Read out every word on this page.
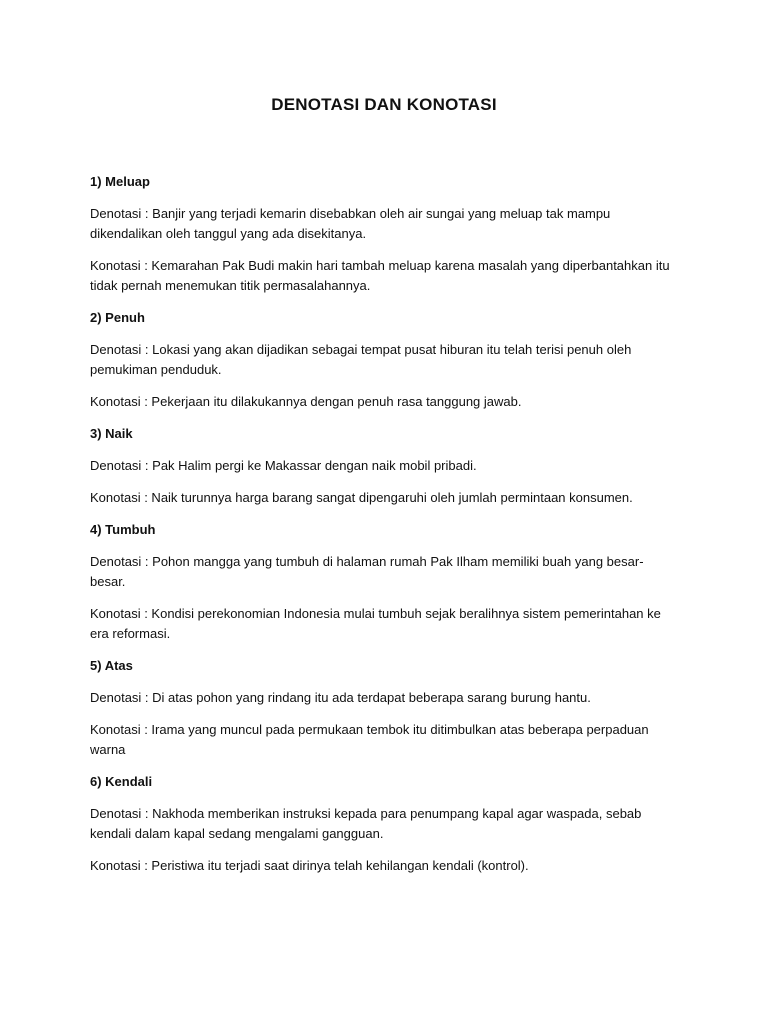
DENOTASI DAN KONOTASI
1) Meluap
Denotasi : Banjir yang terjadi kemarin disebabkan oleh air sungai yang meluap tak mampu dikendalikan oleh tanggul yang ada disekitanya.
Konotasi : Kemarahan Pak Budi makin hari tambah meluap karena masalah yang diperbantahkan itu tidak pernah menemukan titik permasalahannya.
2) Penuh
Denotasi : Lokasi yang akan dijadikan sebagai tempat pusat hiburan itu telah terisi penuh oleh pemukiman penduduk.
Konotasi : Pekerjaan itu dilakukannya dengan penuh rasa tanggung jawab.
3) Naik
Denotasi : Pak Halim pergi ke Makassar dengan naik mobil pribadi.
Konotasi : Naik turunnya harga barang sangat dipengaruhi oleh jumlah permintaan konsumen.
4) Tumbuh
Denotasi : Pohon mangga yang tumbuh di halaman rumah Pak Ilham memiliki buah yang besar-besar.
Konotasi : Kondisi perekonomian Indonesia mulai tumbuh sejak beralihnya sistem pemerintahan ke era reformasi.
5) Atas
Denotasi : Di atas pohon yang rindang itu ada terdapat beberapa sarang burung hantu.
Konotasi : Irama yang muncul pada permukaan tembok itu ditimbulkan atas beberapa perpaduan warna
6) Kendali
Denotasi : Nakhoda memberikan instruksi kepada para penumpang kapal agar waspada, sebab kendali dalam kapal sedang mengalami gangguan.
Konotasi : Peristiwa itu terjadi saat dirinya telah kehilangan kendali (kontrol).
